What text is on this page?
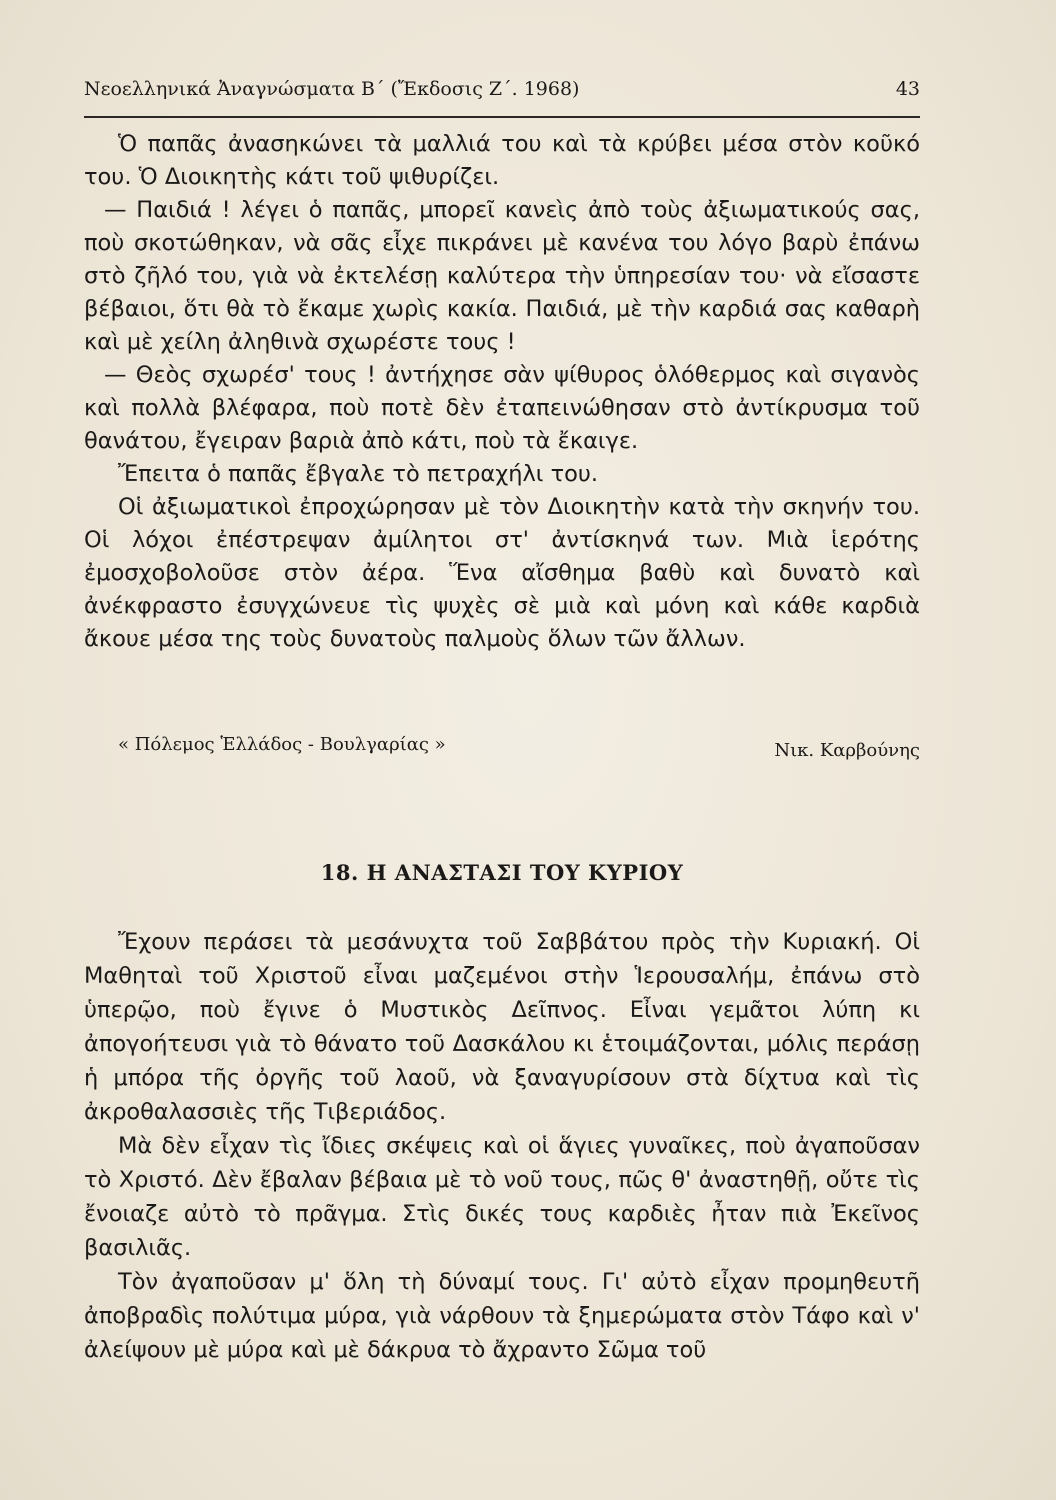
Νεοελληνικά Ἀναγνώσματα Β΄ (Ἔκδοσις Ζ΄. 1968)	43

Ὁ παπᾶς ἀνασηκώνει τὰ μαλλιά του καὶ τὰ κρύβει μέσα στὸν κοῦκό του. Ὁ Διοικητὴς κάτι τοῦ ψιθυρίζει.

— Παιδιά ! λέγει ὁ παπᾶς, μπορεῖ κανεὶς ἀπὸ τοὺς ἀξιωματικούς σας, ποὺ σκοτώθηκαν, νὰ σᾶς εἶχε πικράνει μὲ κανένα του λόγο βαρὺ ἐπάνω στὸ ζῆλό του, γιὰ νὰ ἐκτελέσῃ καλύτερα τὴν ὑπηρεσίαν του· νὰ εἴσαστε βέβαιοι, ὅτι θὰ τὸ ἔκαμε χωρὶς κακία. Παιδιά, μὲ τὴν καρδιά σας καθαρὴ καὶ μὲ χείλη ἀληθινὰ σχωρέστε τους !

— Θεὸς σχωρέσ' τους ! ἀντήχησε σὰν ψίθυρος ὁλόθερμος καὶ σιγανὸς καὶ πολλὰ βλέφαρα, ποὺ ποτὲ δὲν ἐταπεινώθησαν στὸ ἀντίκρυσμα τοῦ θανάτου, ἔγειραν βαριὰ ἀπὸ κάτι, ποὺ τὰ ἔκαιγε.

Ἔπειτα ὁ παπᾶς ἔβγαλε τὸ πετραχήλι του.

Οἱ ἀξιωματικοὶ ἐπροχώρησαν μὲ τὸν Διοικητὴν κατὰ τὴν σκηνήν του. Οἱ λόχοι ἐπέστρεψαν ἀμίλητοι στ' ἀντίσκηνά των. Μιὰ ἱερότης ἐμοσχοβολοῦσε στὸν ἀέρα. Ἕνα αἴσθημα βαθὺ καὶ δυνατὸ καὶ ἀνέκφραστο ἐσυγχώνευε τὶς ψυχὲς σὲ μιὰ καὶ μόνη καὶ κάθε καρδιὰ ἄκουε μέσα της τοὺς δυνατοὺς παλμοὺς ὅλων τῶν ἄλλων.

« Πόλεμος Ἑλλάδος - Βουλγαρίας »	Νικ. Καρβούνης
18. Η ΑΝΑΣΤΑΣΙ ΤΟΥ ΚΥΡΙΟΥ

Ἔχουν περάσει τὰ μεσάνυχτα τοῦ Σαββάτου πρὸς τὴν Κυριακή. Οἱ Μαθηταὶ τοῦ Χριστοῦ εἶναι μαζεμένοι στὴν Ἱερουσαλήμ, ἐπάνω στὸ ὑπερῷο, ποὺ ἔγινε ὁ Μυστικὸς Δεῖπνος. Εἶναι γεμᾶτοι λύπη κι ἀπογοήτευσι γιὰ τὸ θάνατο τοῦ Δασκάλου κι ἑτοιμάζονται, μόλις περάσῃ ἡ μπόρα τῆς ὀργῆς τοῦ λαοῦ, νὰ ξαναγυρίσουν στὰ δίχτυα καὶ τὶς ἀκροθαλασσιὲς τῆς Τιβεριάδος.

Μὰ δὲν εἶχαν τὶς ἴδιες σκέψεις καὶ οἱ ἅγιες γυναῖκες, ποὺ ἀγαποῦσαν τὸ Χριστό. Δὲν ἔβαλαν βέβαια μὲ τὸ νοῦ τους, πῶς θ' ἀναστηθῇ, οὔτε τὶς ἔνοιαζε αὐτὸ τὸ πρᾶγμα. Στὶς δικές τους καρδιὲς ἦταν πιὰ Ἐκεῖνος βασιλιᾶς.

Τὸν ἀγαποῦσαν μ' ὅλη τὴ δύναμί τους. Γι' αὐτὸ εἶχαν προμηθευτῆ ἀποβραδὶς πολύτιμα μύρα, γιὰ νάρθουν τὰ ξημερώματα στὸν Τάφο καὶ ν' ἀλείψουν μὲ μύρα καὶ μὲ δάκρυα τὸ ἄχραντο Σῶμα τοῦ
